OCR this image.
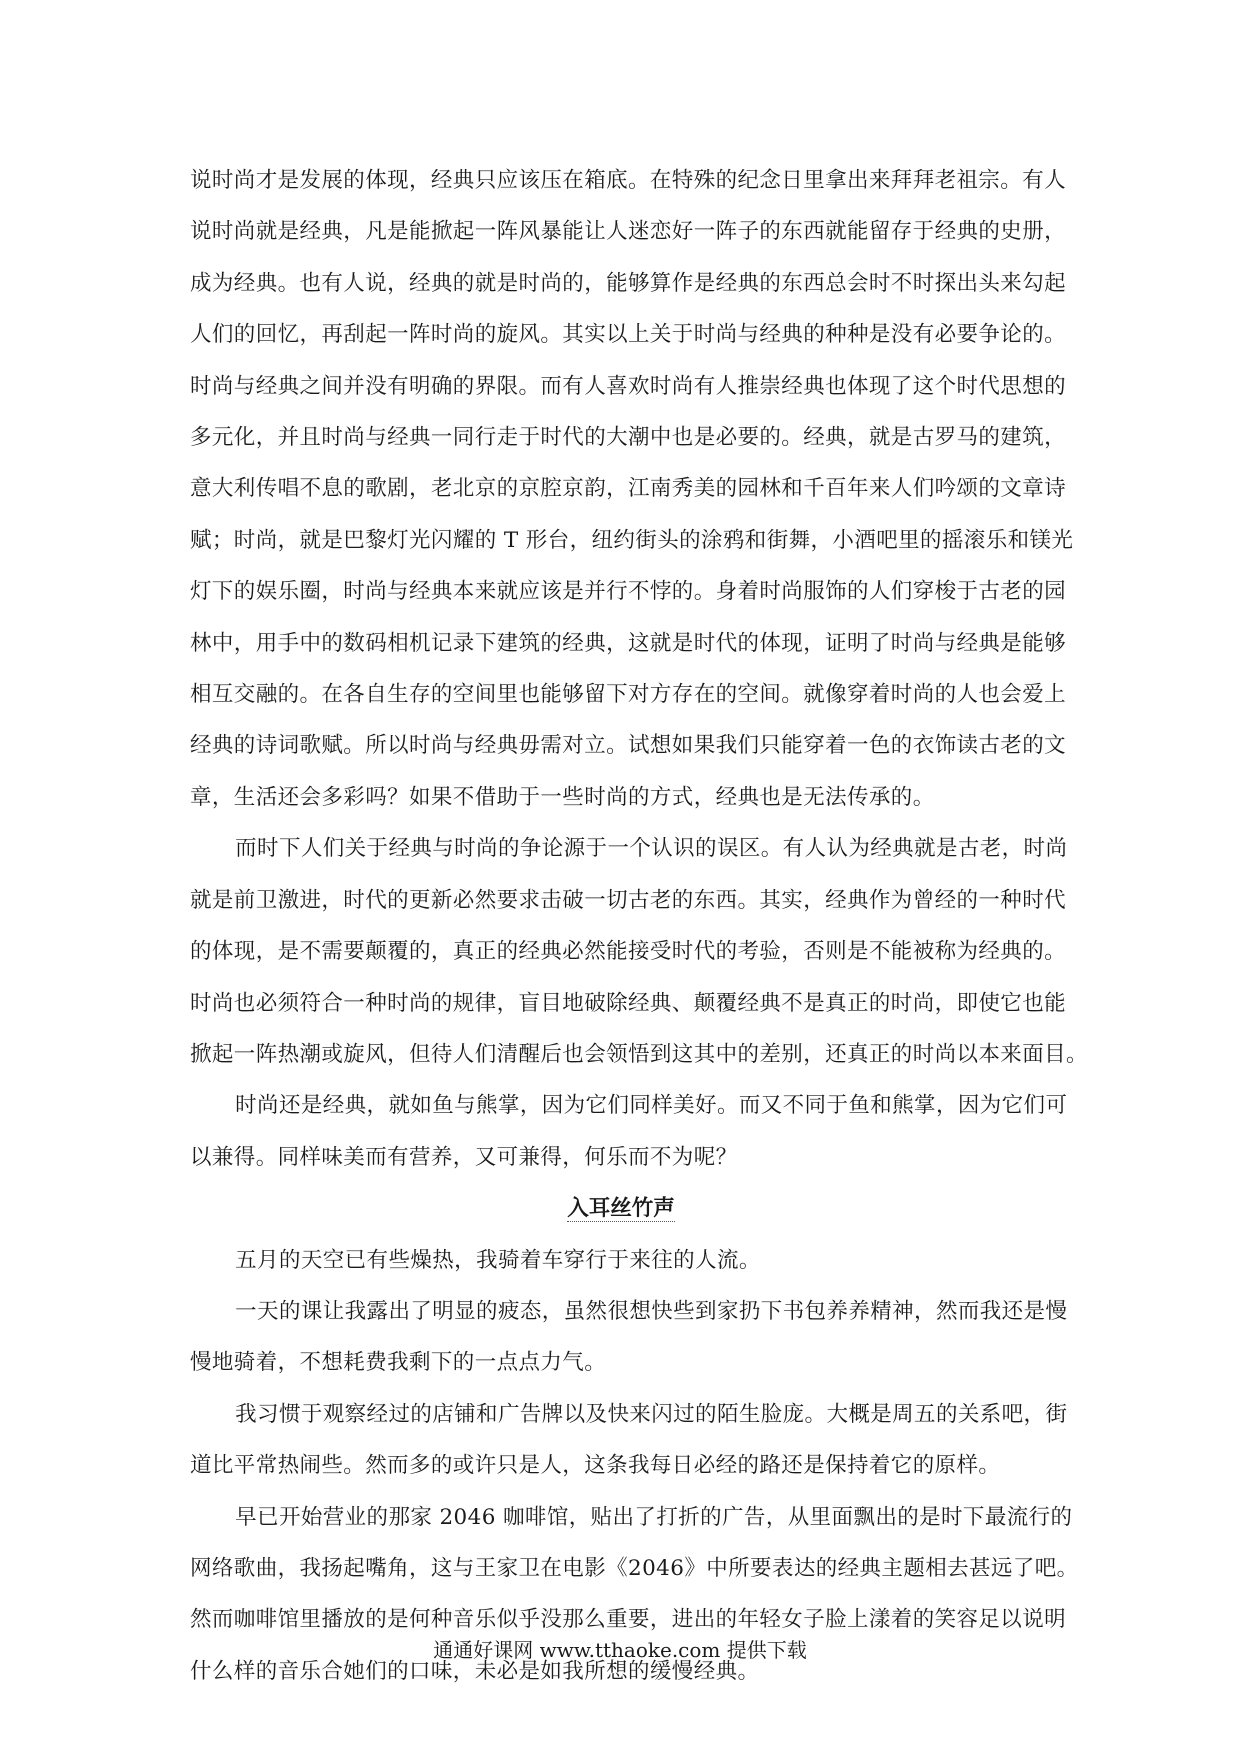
说时尚才是发展的体现，经典只应该压在箱底。在特殊的纪念日里拿出来拜拜老祖宗。有人
说时尚就是经典，凡是能掀起一阵风暴能让人迷恋好一阵子的东西就能留存于经典的史册，
成为经典。也有人说，经典的就是时尚的，能够算作是经典的东西总会时不时探出头来勾起
人们的回忆，再刮起一阵时尚的旋风。其实以上关于时尚与经典的种种是没有必要争论的。
时尚与经典之间并没有明确的界限。而有人喜欢时尚有人推崇经典也体现了这个时代思想的
多元化，并且时尚与经典一同行走于时代的大潮中也是必要的。经典，就是古罗马的建筑，
意大利传唱不息的歌剧，老北京的京腔京韵，江南秀美的园林和千百年来人们吟颂的文章诗
赋；时尚，就是巴黎灯光闪耀的 T 形台，纽约街头的涂鸦和街舞，小酒吧里的摇滚乐和镁光
灯下的娱乐圈，时尚与经典本来就应该是并行不悖的。身着时尚服饰的人们穿梭于古老的园
林中，用手中的数码相机记录下建筑的经典，这就是时代的体现，证明了时尚与经典是能够
相互交融的。在各自生存的空间里也能够留下对方存在的空间。就像穿着时尚的人也会爱上
经典的诗词歌赋。所以时尚与经典毋需对立。试想如果我们只能穿着一色的衣饰读古老的文
章，生活还会多彩吗？如果不借助于一些时尚的方式，经典也是无法传承的。

而时下人们关于经典与时尚的争论源于一个认识的误区。有人认为经典就是古老，时尚
就是前卫激进，时代的更新必然要求击破一切古老的东西。其实，经典作为曾经的一种时代
的体现，是不需要颠覆的，真正的经典必然能接受时代的考验，否则是不能被称为经典的。
时尚也必须符合一种时尚的规律，盲目地破除经典、颠覆经典不是真正的时尚，即使它也能
掀起一阵热潮或旋风，但待人们清醒后也会领悟到这其中的差别，还真正的时尚以本来面目。

时尚还是经典，就如鱼与熊掌，因为它们同样美好。而又不同于鱼和熊掌，因为它们可
以兼得。同样味美而有营养，又可兼得，何乐而不为呢？

入耳丝竹声

五月的天空已有些燥热，我骑着车穿行于来往的人流。

一天的课让我露出了明显的疲态，虽然很想快些到家扔下书包养养精神，然而我还是慢
慢地骑着，不想耗费我剩下的一点点力气。

我习惯于观察经过的店铺和广告牌以及快来闪过的陌生脸庞。大概是周五的关系吧，街
道比平常热闹些。然而多的或许只是人，这条我每日必经的路还是保持着它的原样。

早已开始营业的那家 2046 咖啡馆，贴出了打折的广告，从里面飘出的是时下最流行的
网络歌曲，我扬起嘴角，这与王家卫在电影《2046》中所要表达的经典主题相去甚远了吧。
然而咖啡馆里播放的是何种音乐似乎没那么重要，进出的年轻女子脸上漾着的笑容足以说明
什么样的音乐合她们的口味，未必是如我所想的缓慢经典。

通通好课网 www.tthaoke.com 提供下载
